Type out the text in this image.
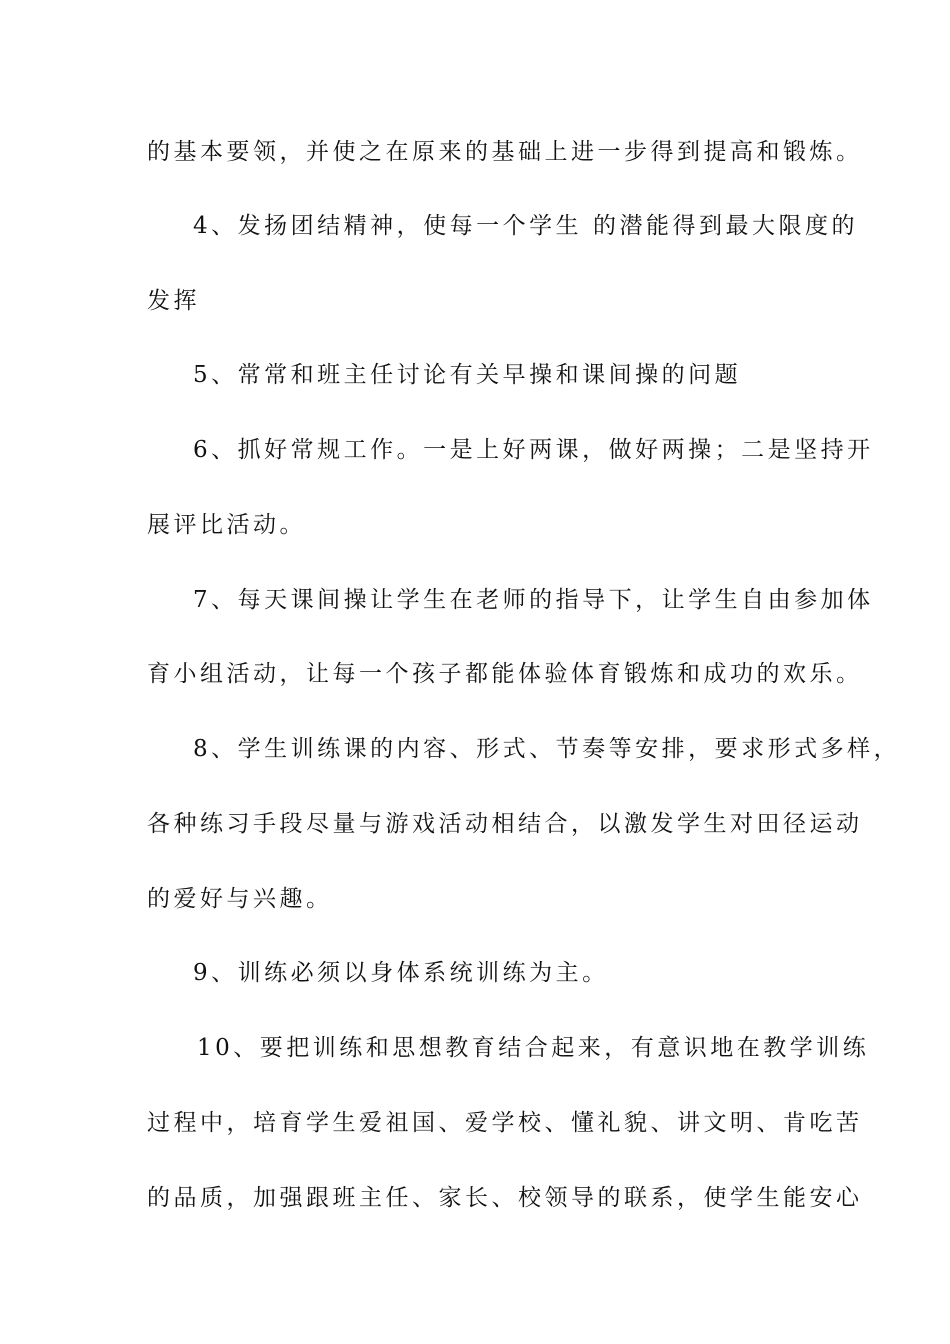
的基本要领，并使之在原来的基础上进一步得到提高和锻炼。
4、发扬团结精神，使每一个学生 的潜能得到最大限度的
发挥
5、常常和班主任讨论有关早操和课间操的问题
6、抓好常规工作。一是上好两课，做好两操；二是坚持开
展评比活动。
7、每天课间操让学生在老师的指导下，让学生自由参加体
育小组活动，让每一个孩子都能体验体育锻炼和成功的欢乐。
8、学生训练课的内容、形式、节奏等安排，要求形式多样，
各种练习手段尽量与游戏活动相结合，以激发学生对田径运动
的爱好与兴趣。
9、训练必须以身体系统训练为主。
10、要把训练和思想教育结合起来，有意识地在教学训练
过程中，培育学生爱祖国、爱学校、懂礼貌、讲文明、肯吃苦
的品质，加强跟班主任、家长、校领导的联系，使学生能安心
